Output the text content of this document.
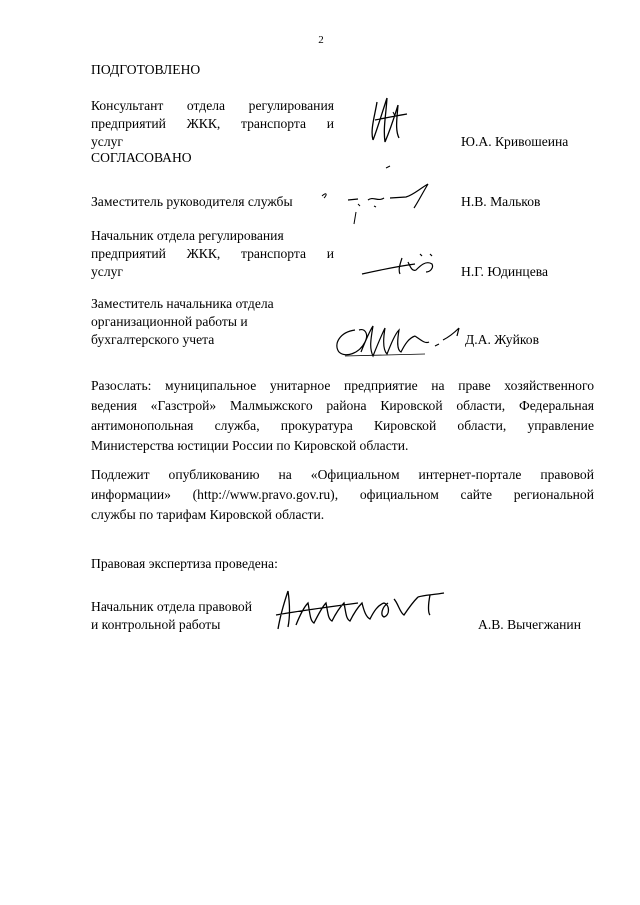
2
ПОДГОТОВЛЕНО
Консультант отдела регулирования
предприятий ЖКК, транспорта и
услуг	Ю.А. Кривошеина
СОГЛАСОВАНО
Заместитель руководителя службы	Н.В. Мальков
Начальник отдела регулирования
предприятий ЖКК, транспорта и
услуг	Н.Г. Юдинцева
Заместитель начальника отдела
организационной работы и
бухгалтерского учета	Д.А. Жуйков
Разослать: муниципальное унитарное предприятие на праве хозяйственного
ведения «Газстрой» Малмыжского района Кировской области, Федеральная
антимонопольная служба, прокуратура Кировской области, управление
Министерства юстиции России по Кировской области.
Подлежит опубликованию на «Официальном интернет-портале правовой
информации» (http://www.pravo.gov.ru), официальном сайте региональной
службы по тарифам Кировской области.
Правовая экспертиза проведена:
Начальник отдела правовой
и контрольной работы	А.В. Вычегжанин
